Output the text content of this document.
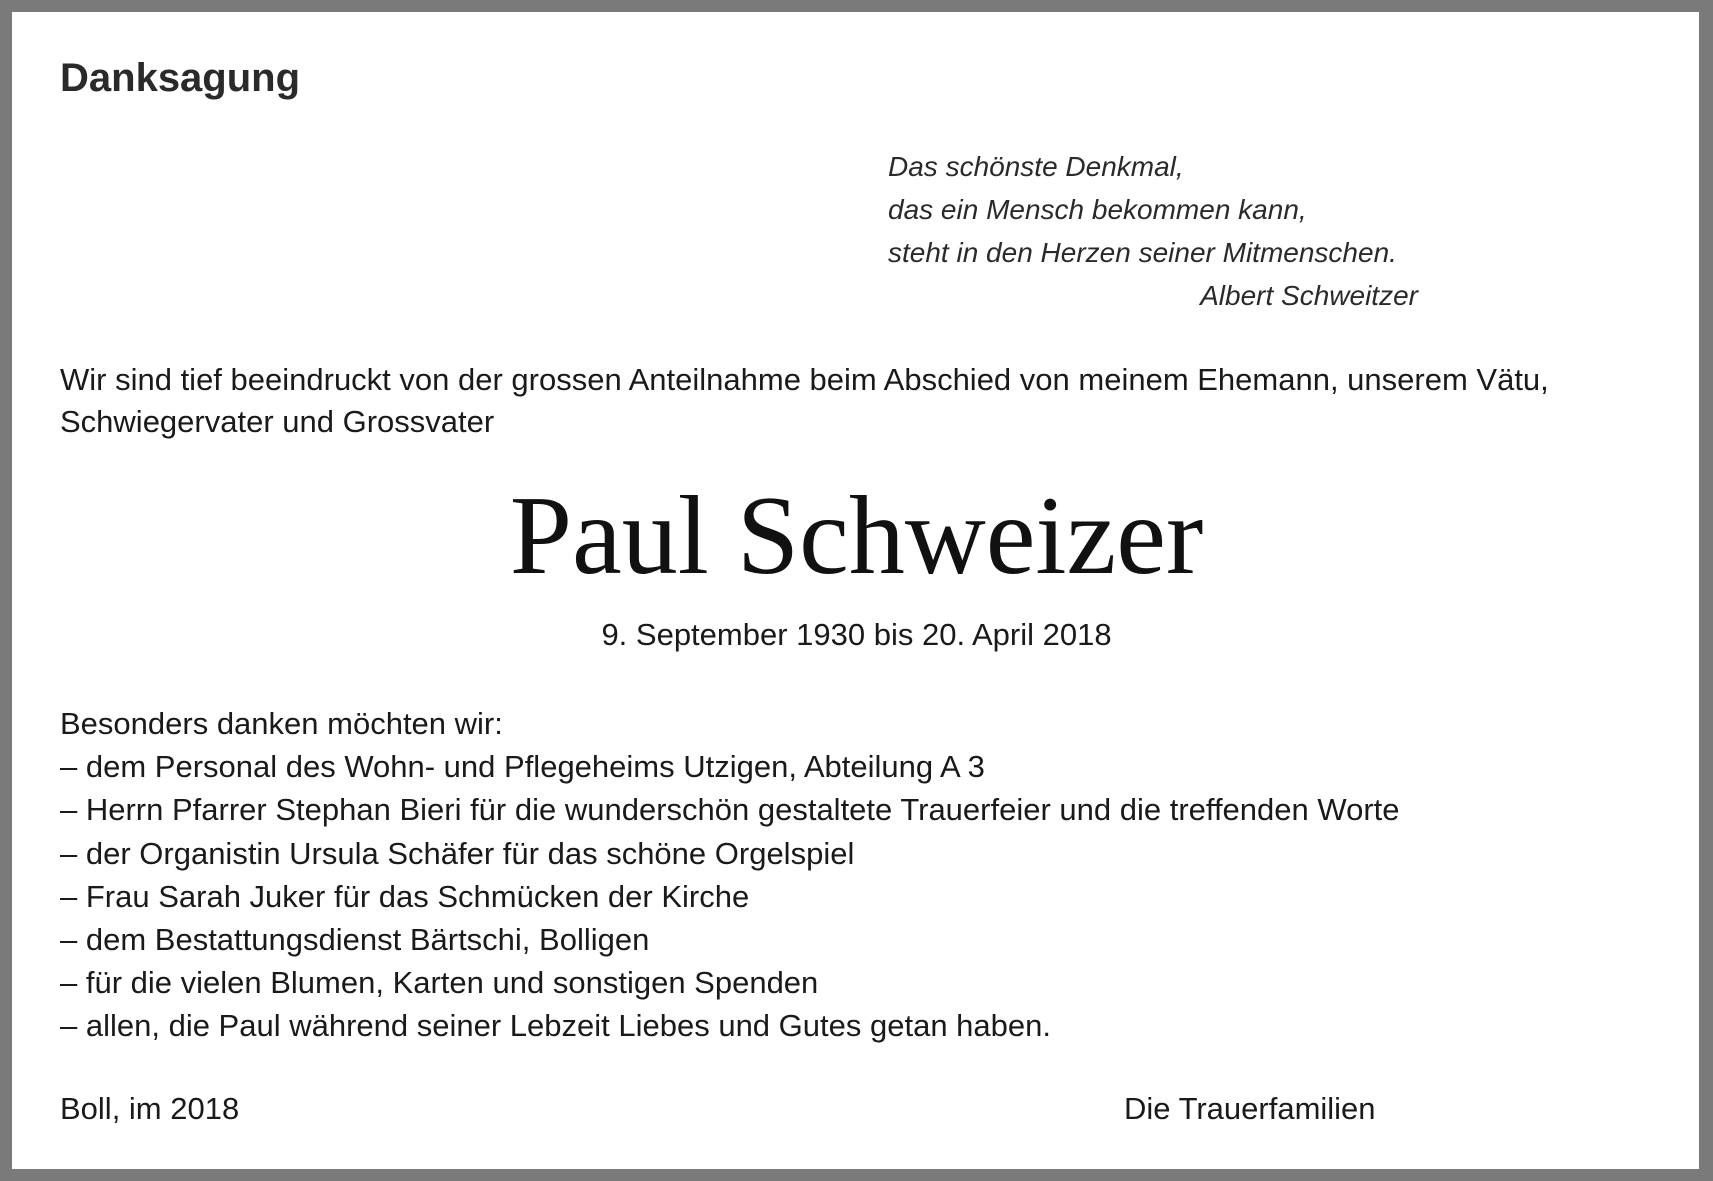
Danksagung
Das schönste Denkmal,
das ein Mensch bekommen kann,
steht in den Herzen seiner Mitmenschen.
Albert Schweitzer
Wir sind tief beeindruckt von der grossen Anteilnahme beim Abschied von meinem Ehemann, unserem Vätu,
Schwiegervater und Grossvater
Paul Schweizer
9. September 1930 bis 20. April 2018
Besonders danken möchten wir:
– dem Personal des Wohn- und Pflegeheims Utzigen, Abteilung A 3
– Herrn Pfarrer Stephan Bieri für die wunderschön gestaltete Trauerfeier und die treffenden Worte
– der Organistin Ursula Schäfer für das schöne Orgelspiel
– Frau Sarah Juker für das Schmücken der Kirche
– dem Bestattungsdienst Bärtschi, Bolligen
– für die vielen Blumen, Karten und sonstigen Spenden
– allen, die Paul während seiner Lebzeit Liebes und Gutes getan haben.
Boll, im 2018	Die Trauerfamilien
